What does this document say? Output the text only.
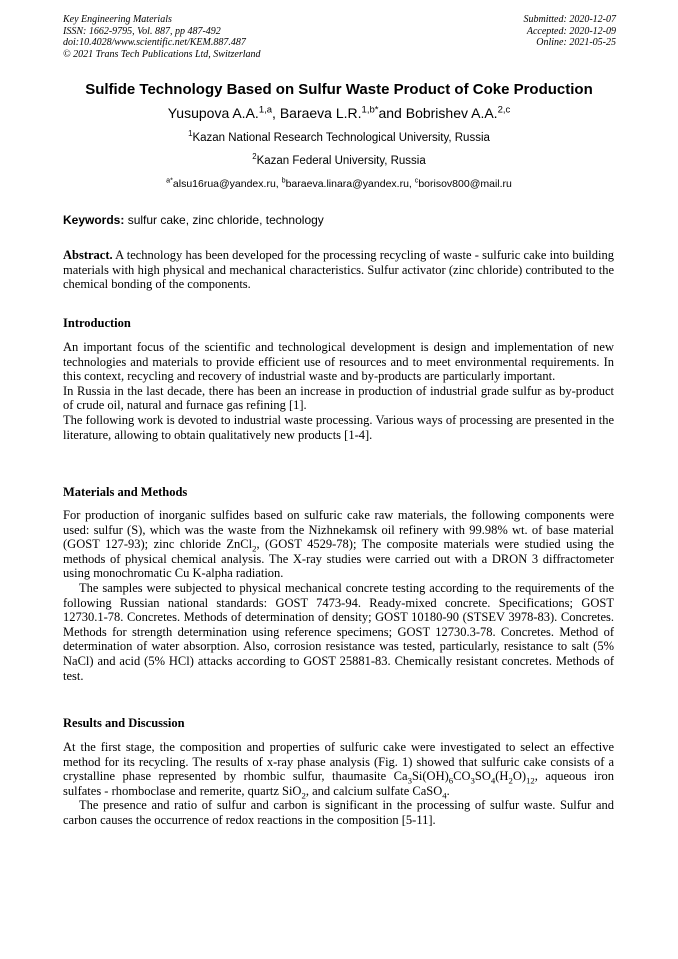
Key Engineering Materials
ISSN: 1662-9795, Vol. 887, pp 487-492
doi:10.4028/www.scientific.net/KEM.887.487
© 2021 Trans Tech Publications Ltd, Switzerland
Submitted: 2020-12-07
Accepted: 2020-12-09
Online: 2021-05-25
Sulfide Technology Based on Sulfur Waste Product of Coke Production
Yusupova A.A.$^{1,a}$, Baraeva L.R.$^{1,b*}$and Bobrishev A.A.$^{2,c}$
$^1$Kazan National Research Technological University, Russia
$^2$Kazan Federal University, Russia
$^{a*}$alsu16rua@yandex.ru, $^b$baraeva.linara@yandex.ru, $^c$borisov800@mail.ru
Keywords: sulfur cake, zinc chloride, technology

Abstract. A technology has been developed for the processing recycling of waste - sulfuric cake into building materials with high physical and mechanical characteristics. Sulfur activator (zinc chloride) contributed to the chemical bonding of the components.

Introduction

An important focus of the scientific and technological development is design and implementation of new technologies and materials to provide efficient use of resources and to meet environmental requirements. In this context, recycling and recovery of industrial waste and by-products are particularly important.

In Russia in the last decade, there has been an increase in production of industrial grade sulfur as by-product of crude oil, natural and furnace gas refining [1].

The following work is devoted to industrial waste processing. Various ways of processing are presented in the literature, allowing to obtain qualitatively new products [1-4].

Materials and Methods

For production of inorganic sulfides based on sulfuric cake raw materials, the following components were used: sulfur (S), which was the waste from the Nizhnekamsk oil refinery with 99.98% wt. of base material (GOST 127-93); zinc chloride ZnCl$_2$, (GOST 4529-78); The composite materials were studied using the methods of physical chemical analysis. The X-ray studies were carried out with a DRON 3 diffractometer using monochromatic Cu K-alpha radiation.

The samples were subjected to physical mechanical concrete testing according to the requirements of the following Russian national standards: GOST 7473-94. Ready-mixed concrete. Specifications; GOST 12730.1-78. Concretes. Methods of determination of density; GOST 10180-90 (STSEV 3978-83). Concretes. Methods for strength determination using reference specimens; GOST 12730.3-78. Concretes. Method of determination of water absorption. Also, corrosion resistance was tested, particularly, resistance to salt (5% NaCl) and acid (5% HCl) attacks according to GOST 25881-83. Chemically resistant concretes. Methods of test.

Results and Discussion

At the first stage, the composition and properties of sulfuric cake were investigated to select an effective method for its recycling. The results of x-ray phase analysis (Fig. 1) showed that sulfuric cake consists of a crystalline phase represented by rhombic sulfur, thaumasite $Ca_3Si(OH)_6CO_3SO_4(H_2O)_{12}$, aqueous iron sulfates - rhomboclase and remerite, quartz SiO$_2$, and calcium sulfate CaSO$_4$.

The presence and ratio of sulfur and carbon is significant in the processing of sulfur waste. Sulfur and carbon causes the occurrence of redox reactions in the composition [5-11].
